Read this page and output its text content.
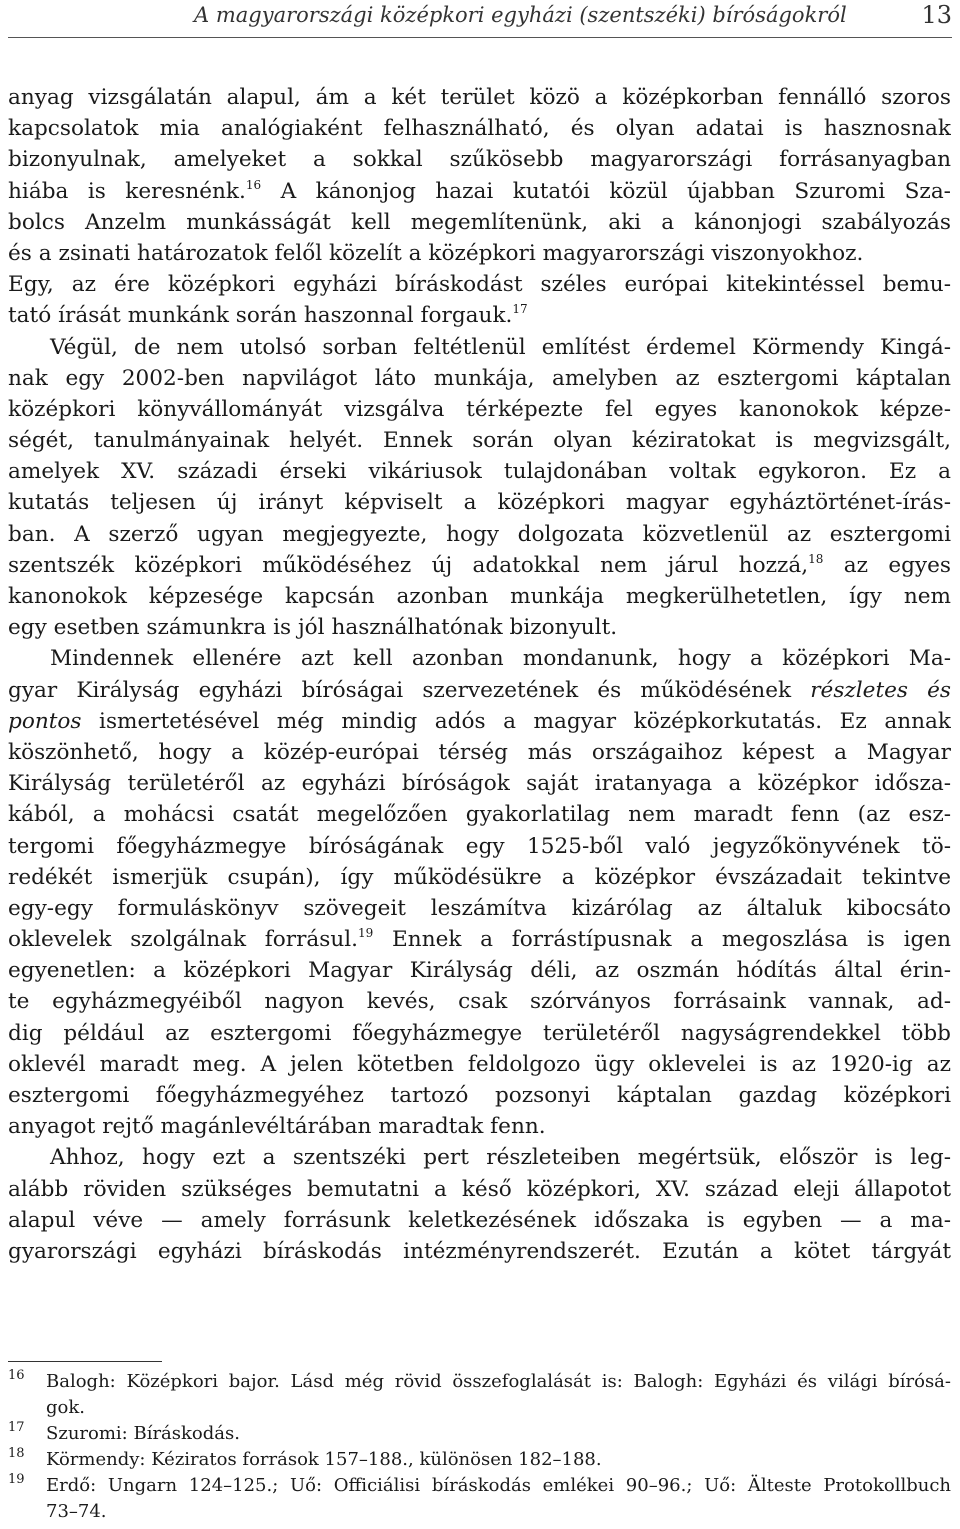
A magyarországi középkori egyházi (szentszéki) bíróságokról	13
anyag vizsgálatán alapul, ám a két terület közö a középkorban fennálló szoros
kapcsolatok mia analógiaként felhasználható, és olyan adatai is hasznosnak
bizonyulnak, amelyeket a sokkal szűkösebb magyarországi forrásanyagban
hiába is keresnénk.$^{16}$ A kánonjog hazai kutatói közül újabban Szuromi Sza-
bolcs Anzelm munkásságát kell megemlítenünk, aki a kánonjogi szabályozás
és a zsinati határozatok felől közelít a középkori magyarországi viszonyokhoz.
Egy, az ére középkori egyházi bíráskodást széles európai kitekintéssel bemu-
tató írását munkánk során haszonnal forgauk.$^{17}$
Végül, de nem utolsó sorban feltétlenül említést érdemel Körmendy Kingá-
nak egy 2002-ben napvilágot láto munkája, amelyben az esztergomi káptalan
középkori könyvállományát vizsgálva térképezte fel egyes kanonokok képze-
ségét, tanulmányainak helyét. Ennek során olyan kéziratokat is megvizsgált,
amelyek XV. századi érseki vikáriusok tulajdonában voltak egykoron. Ez a
kutatás teljesen új irányt képviselt a középkori magyar egyháztörténet-írás-
ban. A szerző ugyan megjegyezte, hogy dolgozata közvetlenül az esztergomi
szentszék középkori működéséhez új adatokkal nem járul hozzá,$^{18}$ az egyes
kanonokok képzesége kapcsán azonban munkája megkerülhetetlen, így nem
egy esetben számunkra is jól használhatónak bizonyult.
Mindennek ellenére azt kell azonban mondanunk, hogy a középkori Ma-
gyar Királyság egyházi bíróságai szervezetének és működésének részletes és
pontos ismertetésével még mindig adós a magyar középkorkutatás. Ez annak
köszönhető, hogy a közép-európai térség más országaihoz képest a Magyar
Királyság területéről az egyházi bíróságok saját iratanyaga a középkor idősza-
kából, a mohácsi csatát megelőzően gyakorlatilag nem maradt fenn (az esz-
tergomi főegyházmegye bíróságának egy 1525-ből való jegyzőkönyvének tö-
redékét ismerjük csupán), így működésükre a középkor évszázadait tekintve
egy-egy formuláskönyv szövegeit leszámítva kizárólag az általuk kibocsáto
oklevelek szolgálnak forrásul.$^{19}$ Ennek a forrástípusnak a megoszlása is igen
egyenetlen: a középkori Magyar Királyság déli, az oszmán hódítás által érin-
te egyházmegyéiből nagyon kevés, csak szórványos forrásaink vannak, ad-
dig például az esztergomi főegyházmegye területéről nagyságrendekkel több
oklevél maradt meg. A jelen kötetben feldolgozo ügy oklevelei is az 1920-ig az
esztergomi főegyházmegyéhez tartozó pozsonyi káptalan gazdag középkori
anyagot rejtő magánlevéltárában maradtak fenn.
Ahhoz, hogy ezt a szentszéki pert részleteiben megértsük, először is leg-
alább röviden szükséges bemutatni a késő középkori, XV. század eleji állapotot
alapul véve — amely forrásunk keletkezésének időszaka is egyben — a ma-
gyarországi egyházi bíráskodás intézményrendszerét. Ezután a kötet tárgyát
16	Balogh: Középkori bajor. Lásd még rövid összefoglalását is: Balogh: Egyházi és világi bírósá-
gok.
17	Szuromi: Bíráskodás.
18	Körmendy: Kéziratos források 157–188., különösen 182–188.
19	Erdő: Ungarn 124–125.; Uő: Officiálisi bíráskodás emlékei 90–96.; Uő: Älteste Protokollbuch
73–74.
